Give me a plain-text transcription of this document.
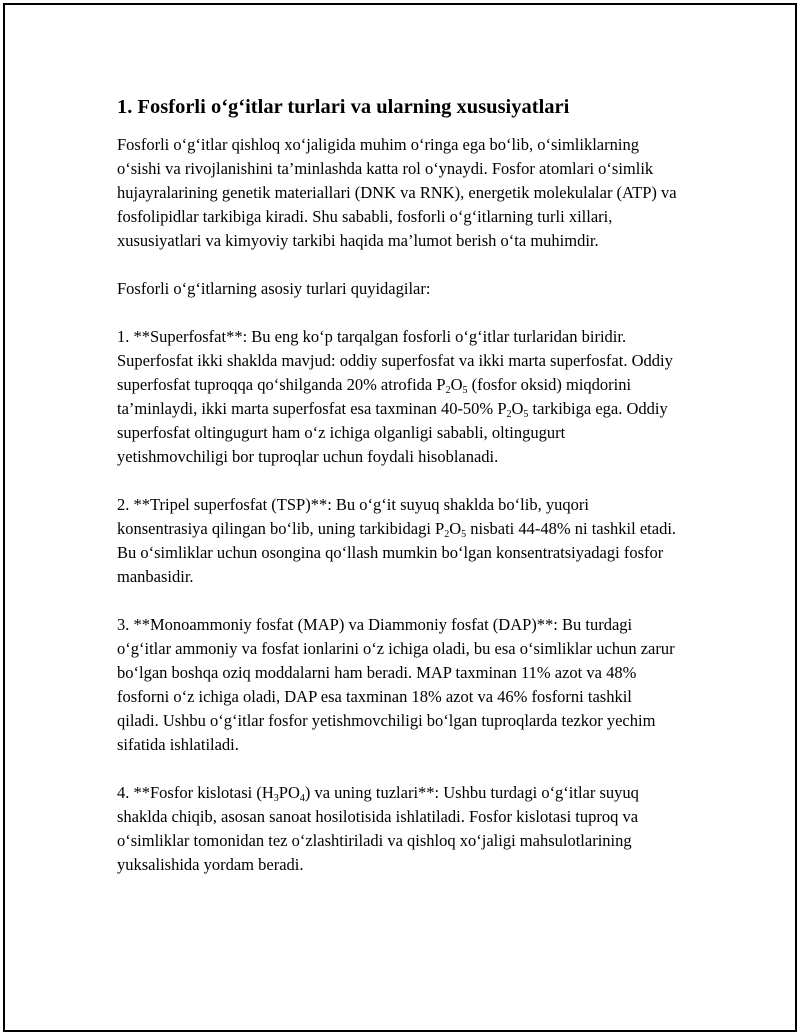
1. Fosforli o‘g‘itlar turlari va ularning xususiyatlari

Fosforli o‘g‘itlar qishloq xo‘jaligida muhim o‘ringa ega bo‘lib, o‘simliklarning o‘sishi va rivojlanishini ta’minlashda katta rol o‘ynaydi. Fosfor atomlari o‘simlik hujayralarining genetik materiallari (DNK va RNK), energetik molekulalar (ATP) va fosfolipidlar tarkibiga kiradi. Shu sababli, fosforli o‘g‘itlarning turli xillari, xususiyatlari va kimyoviy tarkibi haqida ma’lumot berish o‘ta muhimdir.

Fosforli o‘g‘itlarning asosiy turlari quyidagilar:

1. **Superfosfat**: Bu eng ko‘p tarqalgan fosforli o‘g‘itlar turlaridan biridir. Superfosfat ikki shaklda mavjud: oddiy superfosfat va ikki marta superfosfat. Oddiy superfosfat tuproqqa qo‘shilganda 20% atrofida $P_2O_5$ (fosfor oksid) miqdorini ta’minlaydi, ikki marta superfosfat esa taxminan 40-50% $P_2O_5$ tarkibiga ega. Oddiy superfosfat oltingugurt ham o‘z ichiga olganligi sababli, oltingugurt yetishmovchiligi bor tuproqlar uchun foydali hisoblanadi.

2. **Tripel superfosfat (TSP)**: Bu o‘g‘it suyuq shaklda bo‘lib, yuqori konsentrasiya qilingan bo‘lib, uning tarkibidagi $P_2O_5$ nisbati 44-48% ni tashkil etadi. Bu o‘simliklar uchun osongina qo‘llash mumkin bo‘lgan konsentratsiyadagi fosfor manbasidir.

3. **Monoammoniy fosfat (MAP) va Diammoniy fosfat (DAP)**: Bu turdagi o‘g‘itlar ammoniy va fosfat ionlarini o‘z ichiga oladi, bu esa o‘simliklar uchun zarur bo‘lgan boshqa oziq moddalarni ham beradi. MAP taxminan 11% azot va 48% fosforni o‘z ichiga oladi, DAP esa taxminan 18% azot va 46% fosforni tashkil qiladi. Ushbu o‘g‘itlar fosfor yetishmovchiligi bo‘lgan tuproqlarda tezkor yechim sifatida ishlatiladi.

4. **Fosfor kislotasi $(H_3PO_4)$ va uning tuzlari**: Ushbu turdagi o‘g‘itlar suyuq shaklda chiqib, asosan sanoat hosilotisida ishlatiladi. Fosfor kislotasi tuproq va o‘simliklar tomonidan tez o‘zlashtiriladi va qishloq xo‘jaligi mahsulotlarining yuksalishida yordam beradi.
